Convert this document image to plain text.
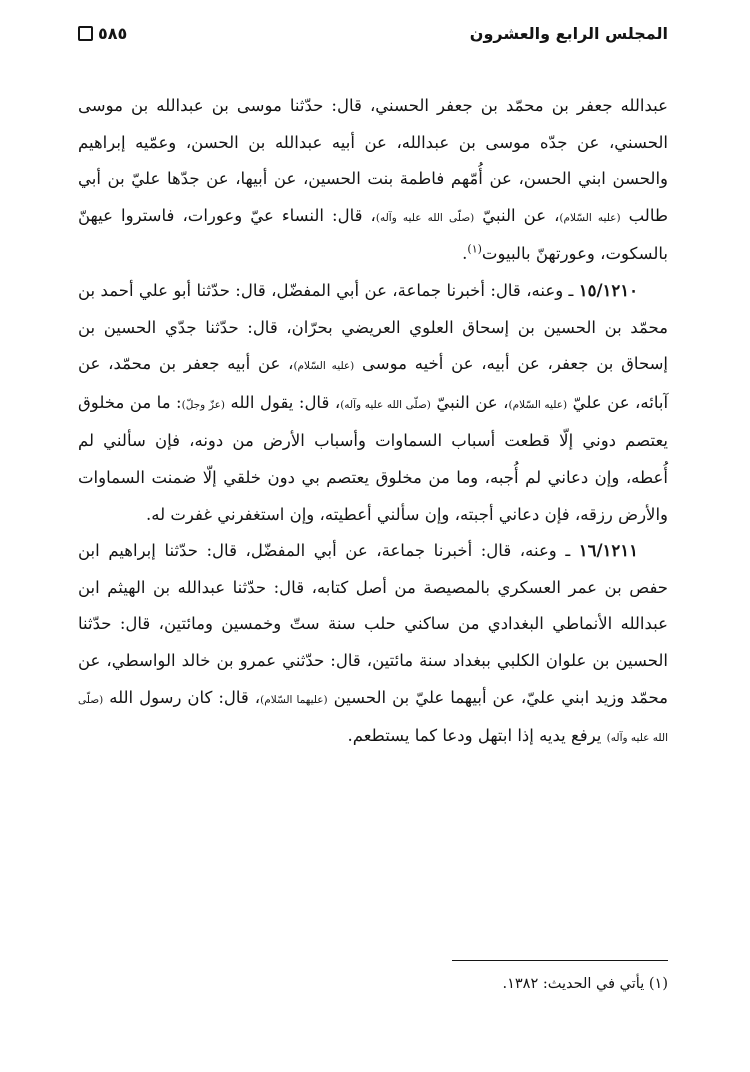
المجلس الرابع والعشرون
٥٨٥

عبدالله جعفر بن محمّد بن جعفر الحسني، قال: حدّثنا موسى بن عبدالله بن موسى الحسني، عن جدّه موسى بن عبدالله، عن أبيه عبدالله بن الحسن، وعمّيه إبراهيم والحسن ابني الحسن، عن أُمّهم فاطمة بنت الحسين، عن أبيها، عن جدّها عليّ بن أبي طالب (عليه السّلام)، عن النبيّ (صلّى الله عليه وآله)، قال: النساء عيّ وعورات، فاستروا عيهنّ بالسكوت، وعورتهنّ بالبيوت$^{(١)}$.

١٥/١٢١٠ ـ وعنه، قال: أخبرنا جماعة، عن أبي المفضّل، قال: حدّثنا أبو علي أحمد بن محمّد بن الحسين بن إسحاق العلوي العريضي بحرّان، قال: حدّثنا جدّي الحسين بن إسحاق بن جعفر، عن أبيه، عن أخيه موسى (عليه السّلام)، عن أبيه جعفر بن محمّد، عن آبائه، عن عليّ (عليه السّلام)، عن النبيّ (صلّى الله عليه وآله)، قال: يقول الله (عزّ وجلّ): ما من مخلوق يعتصم دوني إلّا قطعت أسباب السماوات وأسباب الأرض من دونه، فإن سألني لم أُعطه، وإن دعاني لم أُجبه، وما من مخلوق يعتصم بي دون خلقي إلّا ضمنت السماوات والأرض رزقه، فإن دعاني أجبته، وإن سألني أعطيته، وإن استغفرني غفرت له.

١٦/١٢١١ ـ وعنه، قال: أخبرنا جماعة، عن أبي المفضّل، قال: حدّثنا إبراهيم ابن حفص بن عمر العسكري بالمصيصة من أصل كتابه، قال: حدّثنا عبدالله بن الهيثم ابن عبدالله الأنماطي البغدادي من ساكني حلب سنة ستّ وخمسين ومائتين، قال: حدّثنا الحسين بن علوان الكلبي ببغداد سنة مائتين، قال: حدّثني عمرو بن خالد الواسطي، عن محمّد وزيد ابني عليّ، عن أبيهما عليّ بن الحسين (عليهما السّلام)، قال: كان رسول الله (صلّى الله عليه وآله) يرفع يديه إذا ابتهل ودعا كما يستطعم.

(١) يأتي في الحديث: ١٣٨٢.
